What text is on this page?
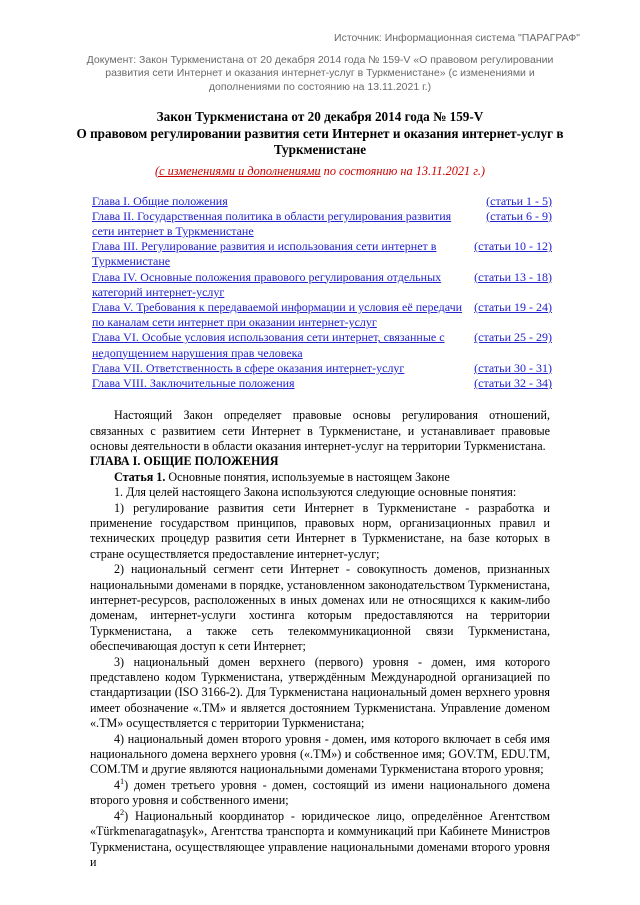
Источник: Информационная система "ПАРАГРАФ"
Документ: Закон Туркменистана от 20 декабря 2014 года № 159-V «О правовом регулировании
развития сети Интернет и оказания интернет-услуг в Туркменистане» (с изменениями и
дополнениями по состоянию на 13.11.2021 г.)
Закон Туркменистана от 20 декабря 2014 года № 159-V
О правовом регулировании развития сети Интернет и оказания интернет-услуг в
Туркменистане
(с изменениями и дополнениями по состоянию на 13.11.2021 г.)
Глава I. Общие положения	(статьи 1 - 5)
Глава II. Государственная политика в области регулирования развития сети интернет в Туркменистане
(статьи 6 - 9)
Глава III. Регулирование развития и использования сети интернет в Туркменистане
(статьи 10 - 12)
Глава IV. Основные положения правового регулирования отдельных категорий интернет-услуг
(статьи 13 - 18)
Глава V. Требования к передаваемой информации и условия её передачи по каналам сети интернет при оказании интернет-услуг
(статьи 19 - 24)
Глава VI. Особые условия использования сети интернет, связанные с недопущением нарушения прав человека
(статьи 25 - 29)
Глава VII. Ответственность в сфере оказания интернет-услуг	(статьи 30 - 31)
Глава VIII. Заключительные положения	(статьи 32 - 34)

Настоящий Закон определяет правовые основы регулирования отношений, связанных с развитием сети Интернет в Туркменистане, и устанавливает правовые основы деятельности в области оказания интернет-услуг на территории Туркменистана.

ГЛАВА I. ОБЩИЕ ПОЛОЖЕНИЯ

Статья 1. Основные понятия, используемые в настоящем Законе

1. Для целей настоящего Закона используются следующие основные понятия:

1) регулирование развития сети Интернет в Туркменистане - разработка и применение государством принципов, правовых норм, организационных правил и технических процедур развития сети Интернет в Туркменистане, на базе которых в стране осуществляется предоставление интернет-услуг;

2) национальный сегмент сети Интернет - совокупность доменов, признанных национальными доменами в порядке, установленном законодательством Туркменистана, интернет-ресурсов, расположенных в иных доменах или не относящихся к каким-либо доменам, интернет-услуги хостинга которым предоставляются на территории Туркменистана, а также сеть телекоммуникационной связи Туркменистана, обеспечивающая доступ к сети Интернет;

3) национальный домен верхнего (первого) уровня - домен, имя которого представлено кодом Туркменистана, утверждённым Международной организацией по стандартизации (ISO 3166-2). Для Туркменистана национальный домен верхнего уровня имеет обозначение «.TM» и является достоянием Туркменистана. Управление доменом «.TM» осуществляется с территории Туркменистана;

4) национальный домен второго уровня - домен, имя которого включает в себя имя национального домена верхнего уровня («.TM») и собственное имя; GOV.TM, EDU.TM, COM.TM и другие являются национальными доменами Туркменистана второго уровня;

$4^1$) домен третьего уровня - домен, состоящий из имени национального домена второго уровня и собственного имени;

$4^2$) Национальный координатор - юридическое лицо, определённое Агентством «Türkmenaragatnaşyk», Агентства транспорта и коммуникаций при Кабинете Министров Туркменистана, осуществляющее управление национальными доменами второго уровня и
